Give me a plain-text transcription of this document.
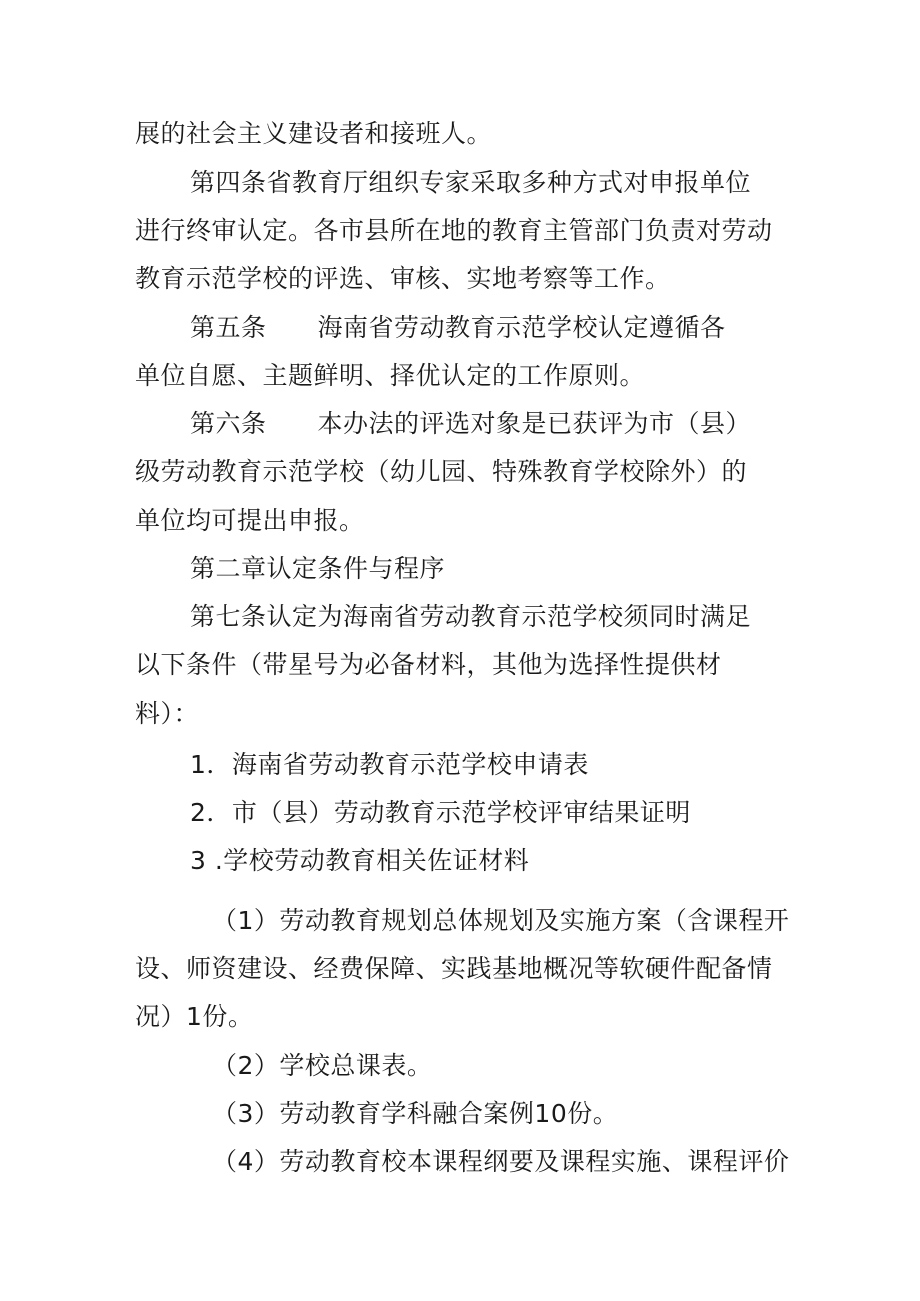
展的社会主义建设者和接班人。
第四条省教育厅组织专家采取多种方式对申报单位
进行终审认定。各市县所在地的教育主管部门负责对劳动
教育示范学校的评选、审核、实地考察等工作。
第五条　　海南省劳动教育示范学校认定遵循各
单位自愿、主题鲜明、择优认定的工作原则。
第六条　　本办法的评选对象是已获评为市（县）
级劳动教育示范学校（幼儿园、特殊教育学校除外）的
单位均可提出申报。
第二章认定条件与程序
第七条认定为海南省劳动教育示范学校须同时满足
以下条件（带星号为必备材料，其他为选择性提供材
料）：
1．海南省劳动教育示范学校申请表
2．市（县）劳动教育示范学校评审结果证明
3 .学校劳动教育相关佐证材料
（1）劳动教育规划总体规划及实施方案（含课程开
设、师资建设、经费保障、实践基地概况等软硬件配备情
况）1份。
（2）学校总课表。
（3）劳动教育学科融合案例10份。
（4）劳动教育校本课程纲要及课程实施、课程评价
